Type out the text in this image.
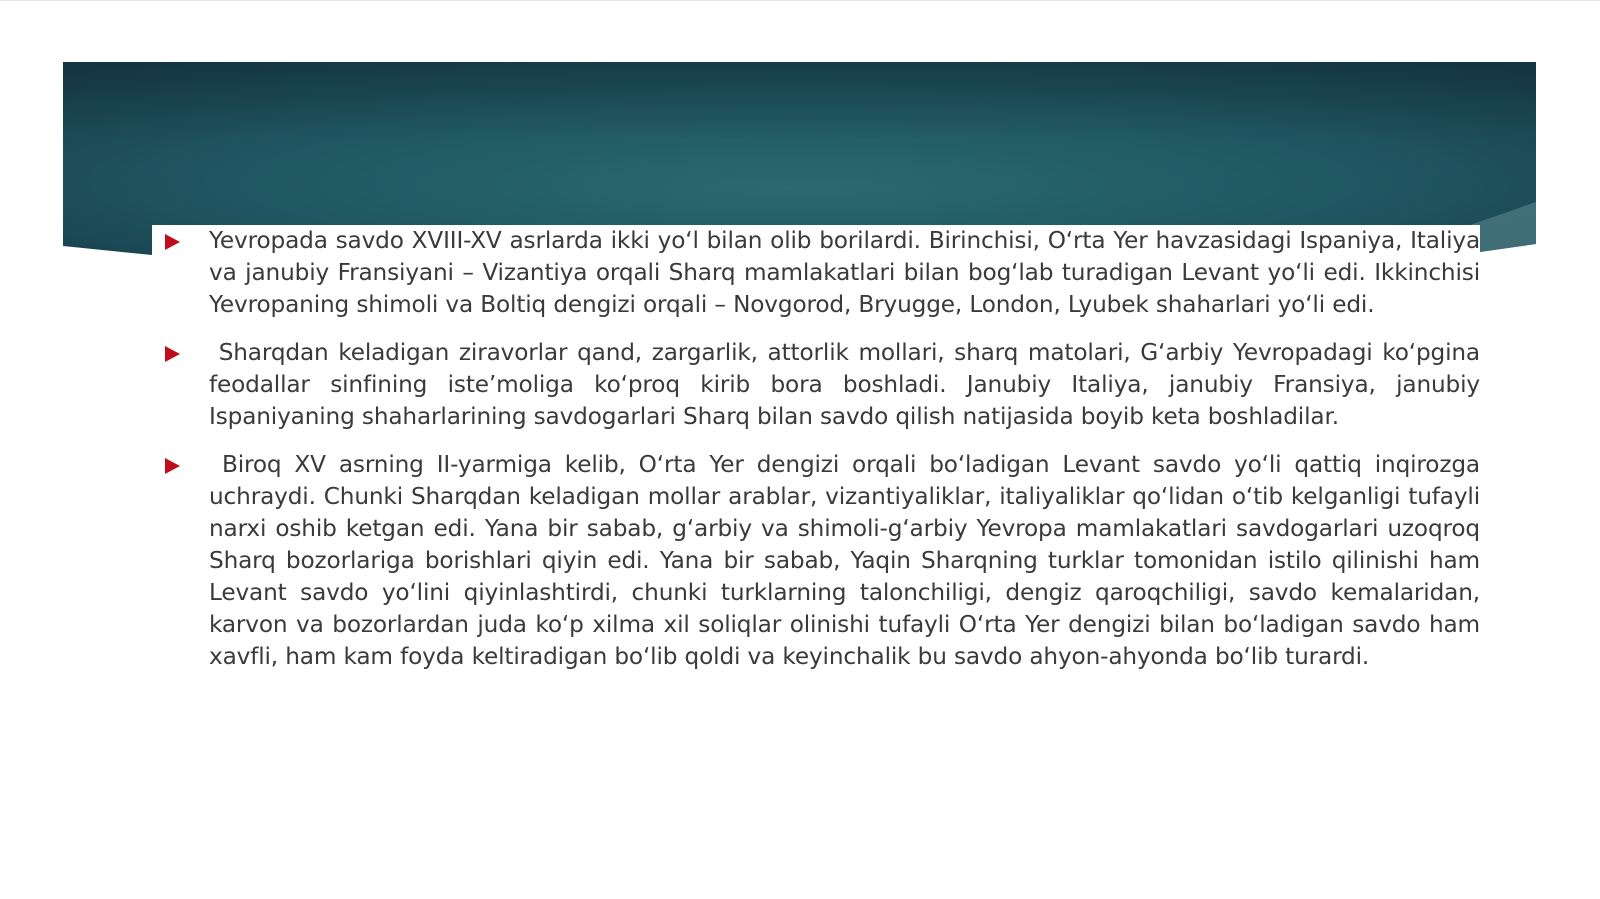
Yevropada savdo XVIII-XV asrlarda ikki yo‘l bilan olib borilardi. Birinchisi, O‘rta Yer havzasidagi Ispaniya, Italiya va janubiy Fransiyani – Vizantiya orqali Sharq mamlakatlari bilan bog‘lab turadigan Levant yo‘li edi. Ikkinchisi Yevropaning shimoli va Boltiq dengizi orqali – Novgorod, Bryugge, London, Lyubek shaharlari yo‘li edi.

Sharqdan keladigan ziravorlar qand, zargarlik, attorlik mollari, sharq matolari, G‘arbiy Yevropadagi ko‘pgina feodallar sinfining iste’moliga ko‘proq kirib bora boshladi. Janubiy Italiya, janubiy Fransiya, janubiy Ispaniyaning shaharlarining savdogarlari Sharq bilan savdo qilish natijasida boyib keta boshladilar.

Biroq XV asrning II-yarmiga kelib, O‘rta Yer dengizi orqali bo‘ladigan Levant savdo yo‘li qattiq inqirozga uchraydi. Chunki Sharqdan keladigan mollar arablar, vizantiyaliklar, italiyaliklar qo‘lidan o‘tib kelganligi tufayli narxi oshib ketgan edi. Yana bir sabab, g‘arbiy va shimoli-g‘arbiy Yevropa mamlakatlari savdogarlari uzoqroq Sharq bozorlariga borishlari qiyin edi. Yana bir sabab, Yaqin Sharqning turklar tomonidan istilo qilinishi ham Levant savdo yo‘lini qiyinlashtirdi, chunki turklarning talonchiligi, dengiz qaroqchiligi, savdo kemalaridan, karvon va bozorlardan juda ko‘p xilma xil soliqlar olinishi tufayli O‘rta Yer dengizi bilan bo‘ladigan savdo ham xavfli, ham kam foyda keltiradigan bo‘lib qoldi va keyinchalik bu savdo ahyon-ahyonda bo‘lib turardi.
